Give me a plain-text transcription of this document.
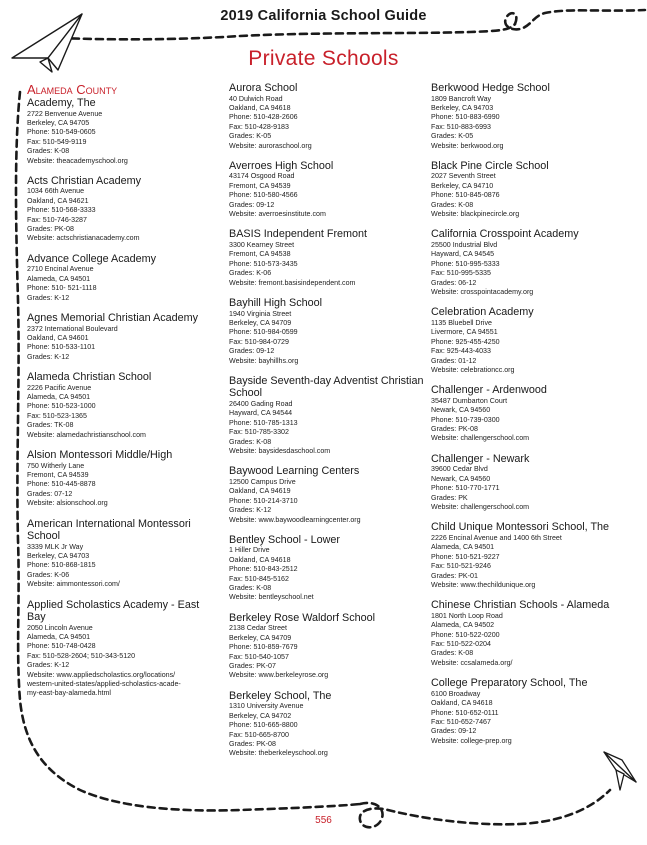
2019 California School Guide
Private Schools
Alameda County
Academy, The
2722 Benvenue Avenue
Berkeley, CA 94705
Phone: 510-549-0605
Fax: 510-549-9119
Grades: K-08
Website: theacademyschool.org
Acts Christian Academy
1034 66th Avenue
Oakland, CA 94621
Phone: 510-568-3333
Fax: 510-746-3287
Grades: PK-08
Website: actschristianacademy.com
Advance College Academy
2710 Encinal Avenue
Alameda, CA 94501
Phone: 510- 521-1118
Grades: K-12
Agnes Memorial Christian Academy
2372 International Boulevard
Oakland, CA 94601
Phone: 510-533-1101
Grades: K-12
Alameda Christian School
2226 Pacific Avenue
Alameda, CA 94501
Phone: 510-523-1000
Fax: 510-523-1365
Grades: TK-08
Website: alamedachristianschool.com
Alsion Montessori Middle/High
750 Witherly Lane
Fremont, CA 94539
Phone: 510-445-8878
Grades: 07-12
Website: alsionschool.org
American International Montessori School
3339 MLK Jr Way
Berkeley, CA 94703
Phone: 510-868-1815
Grades: K-06
Website: aimmontessori.com/
Applied Scholastics Academy - East Bay
2050 Lincoln Avenue
Alameda, CA 94501
Phone: 510-748-0428
Fax: 510-528-2604; 510-343-5120
Grades: K-12
Website: www.appliedscholastics.org/locations/
western-united-states/applied-scholastics-acade-
my-east-bay-alameda.html
Aurora School
40 Dulwich Road
Oakland, CA 94618
Phone: 510-428-2606
Fax: 510-428-9183
Grades: K-05
Website: auroraschool.org
Averroes High School
43174 Osgood Road
Fremont, CA 94539
Phone: 510-580-4566
Grades: 09-12
Website: averroesinstitute.com
BASIS Independent Fremont
3300 Kearney Street
Fremont, CA 94538
Phone: 510-573-3435
Grades: K-06
Website: fremont.basisindependent.com
Bayhill High School
1940 Virginia Street
Berkeley, CA 94709
Phone: 510-984-0599
Fax: 510-984-0729
Grades: 09-12
Website: bayhillhs.org
Bayside Seventh-day Adventist Christian School
26400 Gading Road
Hayward, CA 94544
Phone: 510-785-1313
Fax: 510-785-3302
Grades: K-08
Website: baysidesdaschool.com
Baywood Learning Centers
12500 Campus Drive
Oakland, CA 94619
Phone: 510-214-3710
Grades: K-12
Website: www.baywoodlearningcenter.org
Bentley School - Lower
1 Hiller Drive
Oakland, CA 94618
Phone: 510-843-2512
Fax: 510-845-5162
Grades: K-08
Website: bentleyschool.net
Berkeley Rose Waldorf School
2138 Cedar Street
Berkeley, CA 94709
Phone: 510-859-7679
Fax: 510-540-1057
Grades: PK-07
Website: www.berkeleyrose.org
Berkeley School, The
1310 University Avenue
Berkeley, CA 94702
Phone: 510-665-8800
Fax: 510-665-8700
Grades: PK-08
Website: theberkeleyschool.org
Berkwood Hedge School
1809 Bancroft Way
Berkeley, CA 94703
Phone: 510-883-6990
Fax: 510-883-6993
Grades: K-05
Website: berkwood.org
Black Pine Circle School
2027 Seventh Street
Berkeley, CA 94710
Phone: 510-845-0876
Grades: K-08
Website: blackpinecircle.org
California Crosspoint Academy
25500 Industrial Blvd
Hayward, CA 94545
Phone: 510-995-5333
Fax: 510-995-5335
Grades: 06-12
Website: crosspointacademy.org
Celebration Academy
1135 Bluebell Drive
Livermore, CA 94551
Phone: 925-455-4250
Fax: 925-443-4033
Grades: 01-12
Website: celebrationcc.org
Challenger - Ardenwood
35487 Dumbarton Court
Newark, CA 94560
Phone: 510-739-0300
Grades: PK-08
Website: challengerschool.com
Challenger - Newark
39600 Cedar Blvd
Newark, CA 94560
Phone: 510-770-1771
Grades: PK
Website: challengerschool.com
Child Unique Montessori School, The
2226 Encinal Avenue and 1400 6th Street
Alameda, CA 94501
Phone: 510-521-9227
Fax: 510-521-9246
Grades: PK-01
Website: www.thechildunique.org
Chinese Christian Schools - Alameda
1801 North Loop Road
Alameda, CA 94502
Phone: 510-522-0200
Fax: 510-522-0204
Grades: K-08
Website: ccsalameda.org/
College Preparatory School, The
6100 Broadway
Oakland, CA 94618
Phone: 510-652-0111
Fax: 510-652-7467
Grades: 09-12
Website: college-prep.org
556
